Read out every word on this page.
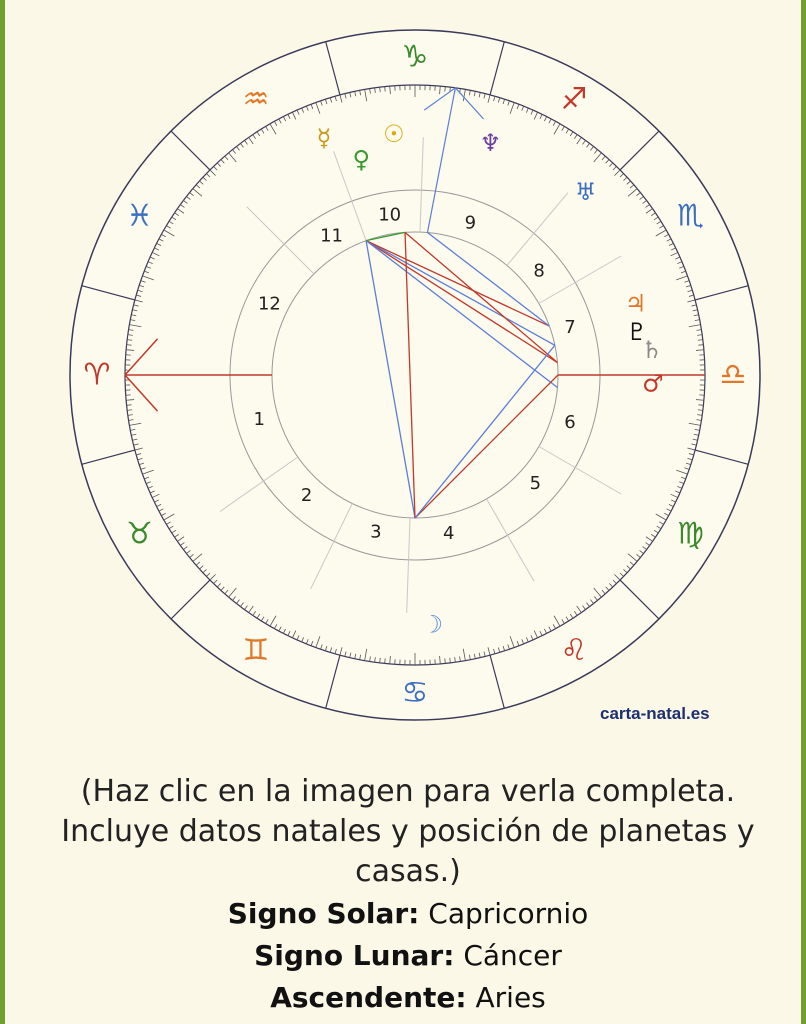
♈
♉
♊
♋
♌
♍
♎
♏
♐
♑
♒
♓
1
2
3	4
5
6
7
8
9
10
11
12
☉
☽
☿
♀
♂
♃
♄
♅
♆
♇
carta-natal.es
(Haz clic en la imagen para verla completa. Incluye datos natales y posición de planetas y casas.)
Signo Solar: Capricornio
Signo Lunar: Cáncer
Ascendente: Aries
